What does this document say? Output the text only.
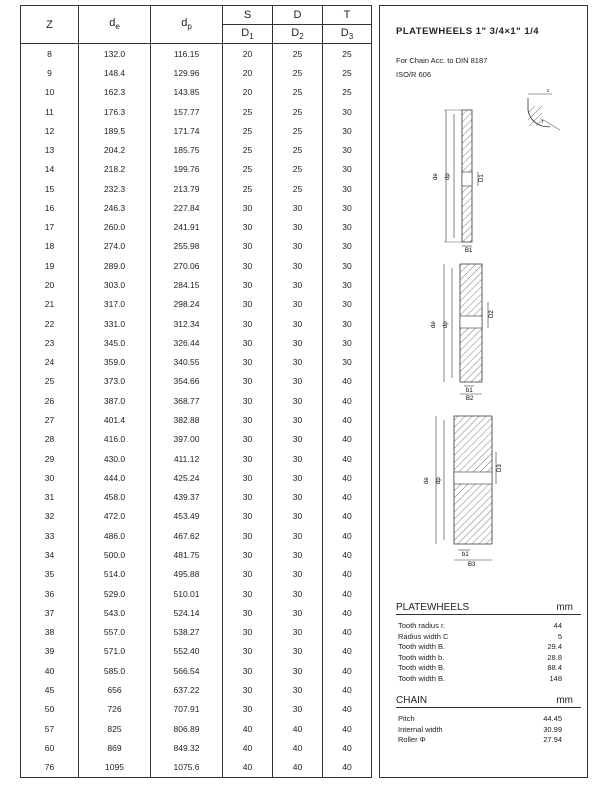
Z	$d_e$	$d_p$	S	D	T
			$D_1$	$D_2$	$D_3$
8	132.0	116.15	20	25	25
9	148.4	129.96	20	25	25
10	162.3	143.85	20	25	25
11	176.3	157.77	25	25	30
12	189.5	171.74	25	25	30
13	204.2	185.75	25	25	30
14	218.2	199.76	25	25	30
15	232.3	213.79	25	25	30
16	246.3	227.84	30	30	30
17	260.0	241.91	30	30	30
18	274.0	255.98	30	30	30
19	289.0	270.06	30	30	30
20	303.0	284.15	30	30	30
21	317.0	298.24	30	30	30
22	331.0	312.34	30	30	30
23	345.0	326.44	30	30	30
24	359.0	340.55	30	30	30
25	373.0	354.66	30	30	40
26	387.0	368.77	30	30	40
27	401.4	382.88	30	30	40
28	416.0	397.00	30	30	40
29	430.0	411.12	30	30	40
30	444.0	425.24	30	30	40
31	458.0	439.37	30	30	40
32	472.0	453.49	30	30	40
33	486.0	467.62	30	30	40
34	500.0	481.75	30	30	40
35	514.0	495.88	30	30	40
36	529.0	510.01	30	30	40
37	543.0	524.14	30	30	40
38	557.0	538.27	30	30	40
39	571.0	552.40	30	30	40
40	585.0	566.54	30	30	40
45	656	637.22	30	30	40
50	726	707.91	30	30	40
57	825	806.89	40	40	40
60	869	849.32	40	40	40
76	1095	1075.6	40	40	40
PLATEWHEELS 1" 3/4×1" 1/4
For Chain Acc. to DIN 8187
ISO/R 606
c
r
de dp	D1
B1
de dp
D2
b1
B2
de dp
D3
b1
B3
PLATEWHEELS	mm
Tooth radius r.	44
Radius width C	5
Tooth width B.	29.4
Tooth width b.	28.8
Tooth width B.	88.4
Tooth width B.	148
CHAIN	mm
Pitch	44.45
Internal width	30.99
Roller Φ	27.94
